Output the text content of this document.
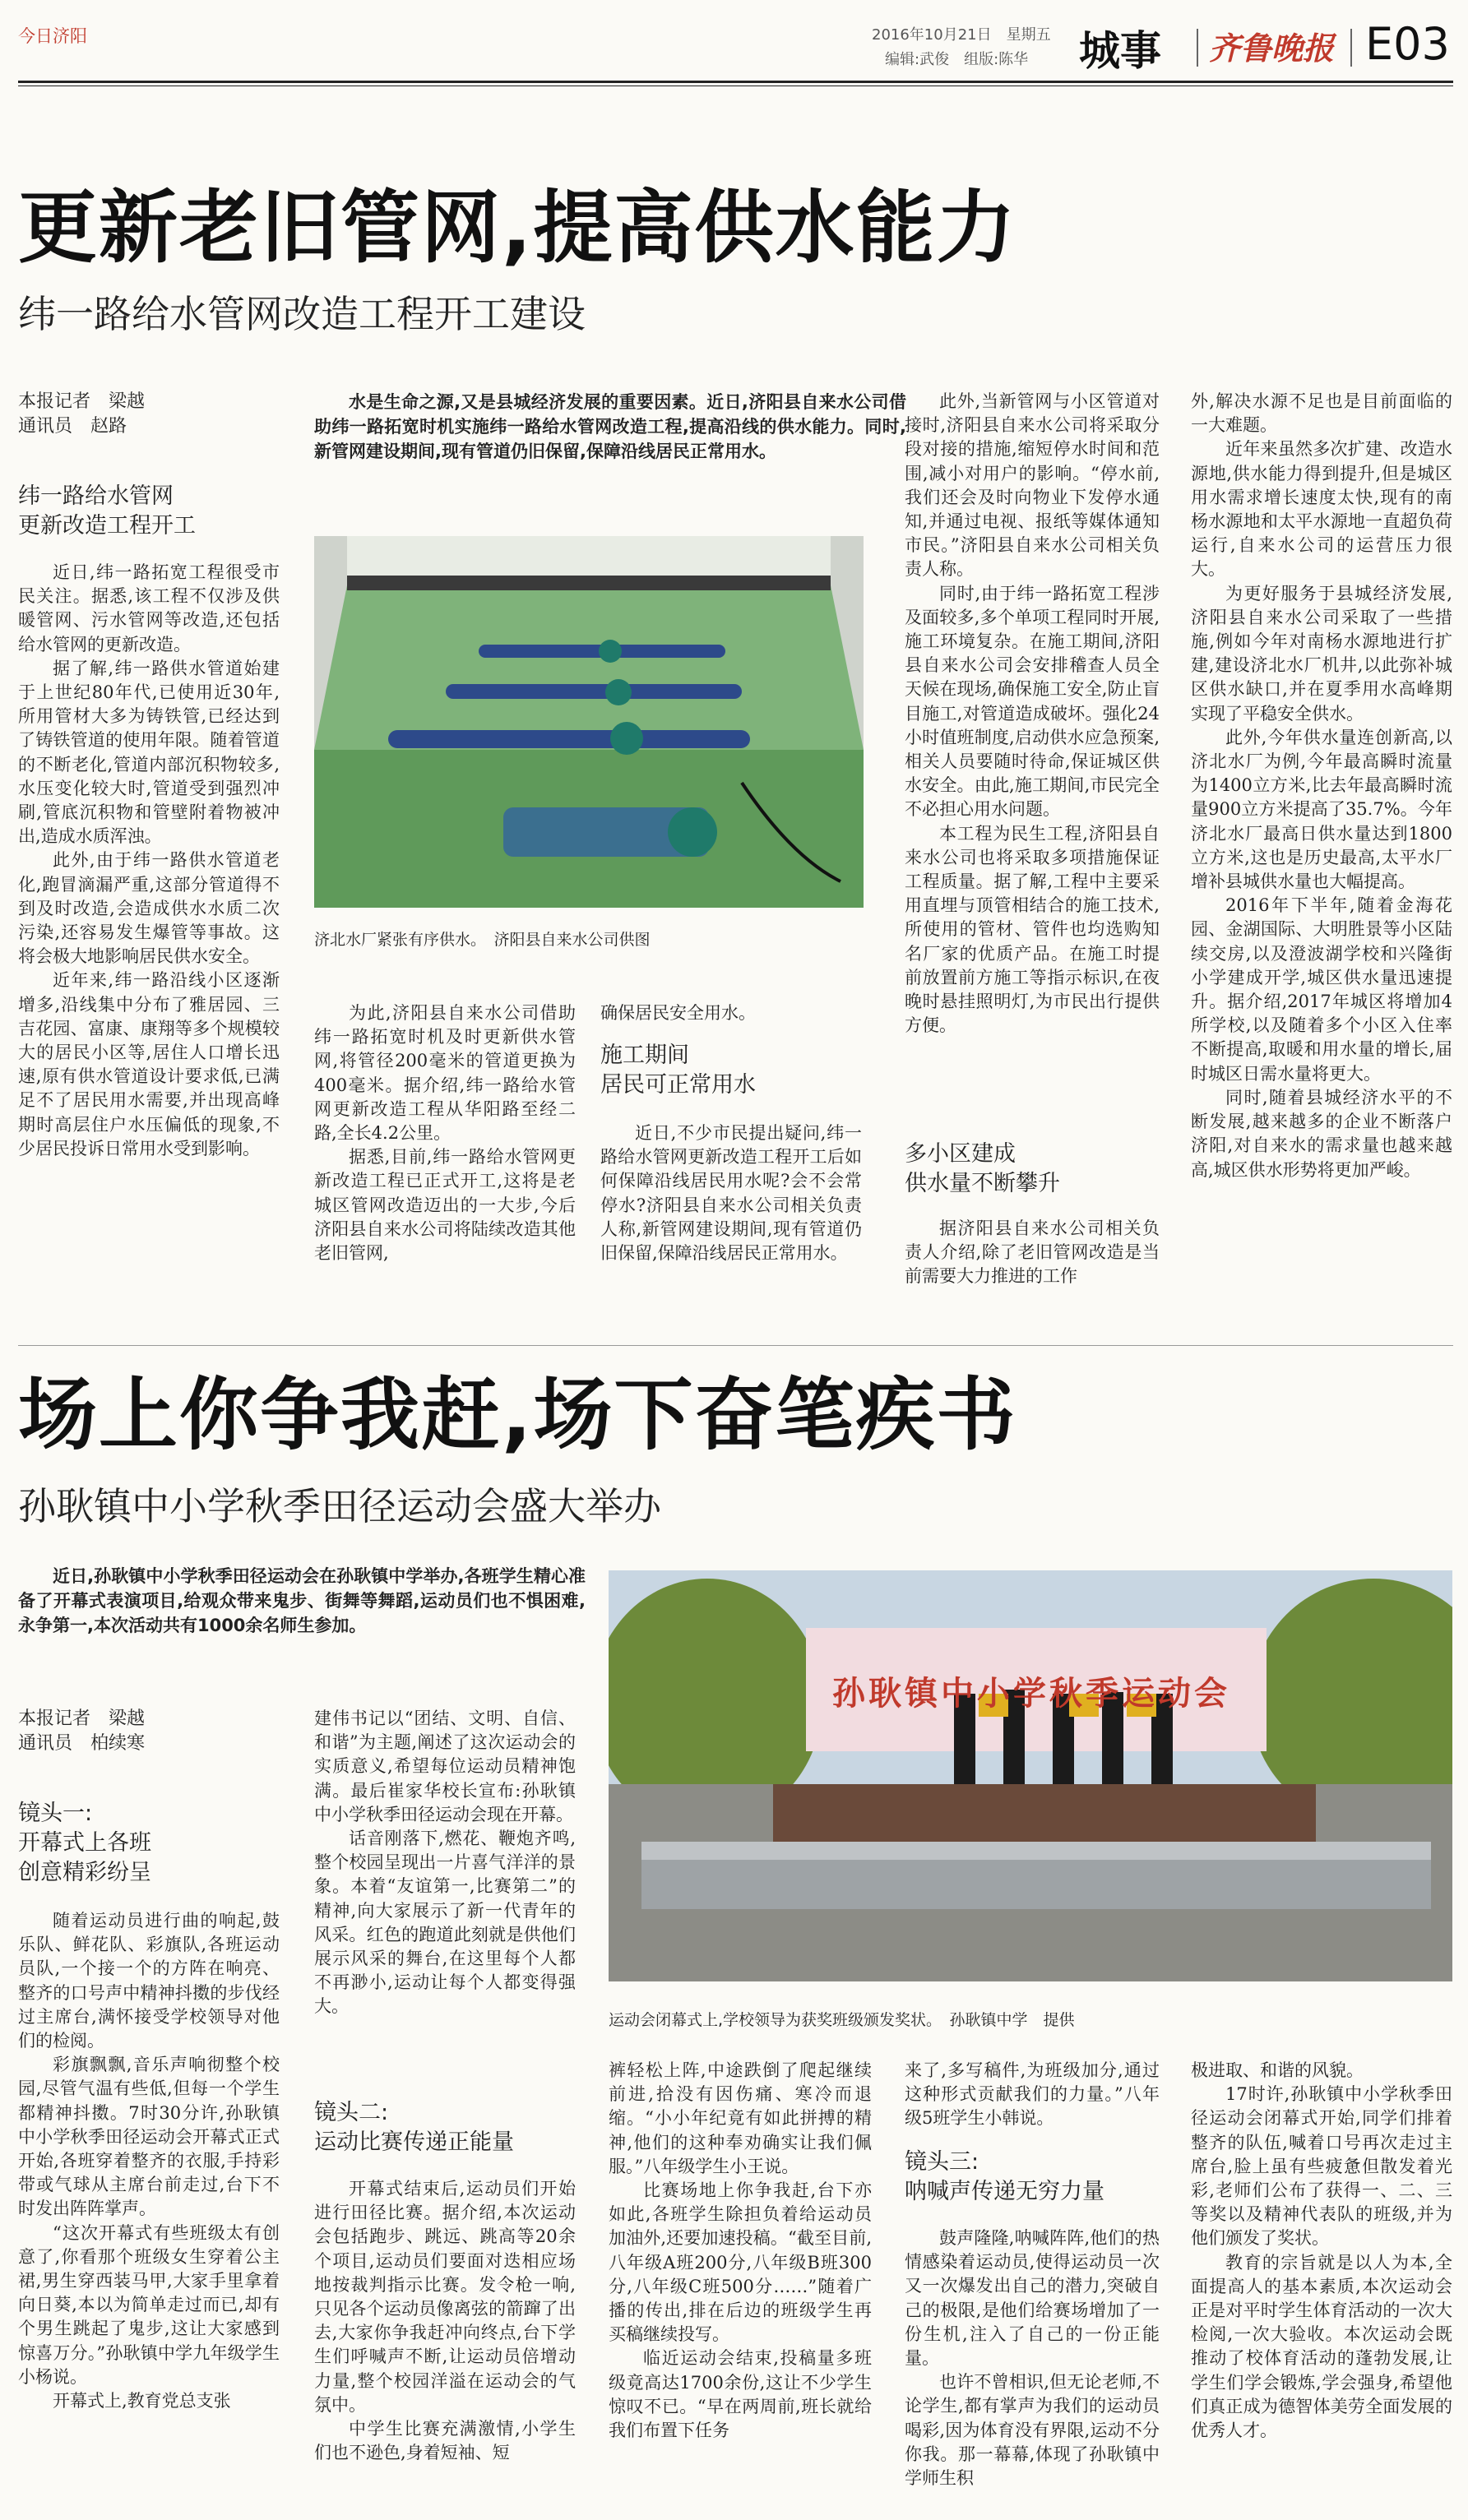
今日济阳	2016年10月21日　星期五
编辑:武俊　组版:陈华 城事 齐鲁晚报 E03
更新老旧管网,提高供水能力
纬一路给水管网改造工程开工建设
本报记者　梁越
通讯员　赵路
纬一路给水管网
更新改造工程开工

近日,纬一路拓宽工程很受市民关注。据悉,该工程不仅涉及供暖管网、污水管网等改造,还包括给水管网的更新改造。

据了解,纬一路供水管道始建于上世纪80年代,已使用近30年,所用管材大多为铸铁管,已经达到了铸铁管道的使用年限。随着管道的不断老化,管道内部沉积物较多,水压变化较大时,管道受到强烈冲刷,管底沉积物和管壁附着物被冲出,造成水质浑浊。

此外,由于纬一路供水管道老化,跑冒滴漏严重,这部分管道得不到及时改造,会造成供水水质二次污染,还容易发生爆管等事故。这将会极大地影响居民供水安全。

近年来,纬一路沿线小区逐渐增多,沿线集中分布了雅居园、三吉花园、富康、康翔等多个规模较大的居民小区等,居住人口增长迅速,原有供水管道设计要求低,已满足不了居民用水需要,并出现高峰期时高层住户水压偏低的现象,不少居民投诉日常用水受到影响。

水是生命之源,又是县城经济发展的重要因素。近日,济阳县自来水公司借助纬一路拓宽时机实施纬一路给水管网改造工程,提高沿线的供水能力。同时,新管网建设期间,现有管道仍旧保留,保障沿线居民正常用水。
济北水厂紧张有序供水。　济阳县自来水公司供图

为此,济阳县自来水公司借助纬一路拓宽时机及时更新供水管网,将管径200毫米的管道更换为400毫米。据介绍,纬一路给水管网更新改造工程从华阳路至经二路,全长4.2公里。

据悉,目前,纬一路给水管网更新改造工程已正式开工,这将是老城区管网改造迈出的一大步,今后济阳县自来水公司将陆续改造其他老旧管网,

确保居民安全用水。

施工期间
居民可正常用水

近日,不少市民提出疑问,纬一路给水管网更新改造工程开工后如何保障沿线居民用水呢?会不会常停水?济阳县自来水公司相关负责人称,新管网建设期间,现有管道仍旧保留,保障沿线居民正常用水。

此外,当新管网与小区管道对接时,济阳县自来水公司将采取分段对接的措施,缩短停水时间和范围,减小对用户的影响。“停水前,我们还会及时向物业下发停水通知,并通过电视、报纸等媒体通知市民。”济阳县自来水公司相关负责人称。

同时,由于纬一路拓宽工程涉及面较多,多个单项工程同时开展,施工环境复杂。在施工期间,济阳县自来水公司会安排稽查人员全天候在现场,确保施工安全,防止盲目施工,对管道造成破坏。强化24小时值班制度,启动供水应急预案,相关人员要随时待命,保证城区供水安全。由此,施工期间,市民完全不必担心用水问题。

本工程为民生工程,济阳县自来水公司也将采取多项措施保证工程质量。据了解,工程中主要采用直埋与顶管相结合的施工技术,所使用的管材、管件也均选购知名厂家的优质产品。在施工时提前放置前方施工等指示标识,在夜晚时悬挂照明灯,为市民出行提供方便。

多小区建成
供水量不断攀升

据济阳县自来水公司相关负责人介绍,除了老旧管网改造是当前需要大力推进的工作

外,解决水源不足也是目前面临的一大难题。

近年来虽然多次扩建、改造水源地,供水能力得到提升,但是城区用水需求增长速度太快,现有的南杨水源地和太平水源地一直超负荷运行,自来水公司的运营压力很大。

为更好服务于县城经济发展,济阳县自来水公司采取了一些措施,例如今年对南杨水源地进行扩建,建设济北水厂机井,以此弥补城区供水缺口,并在夏季用水高峰期实现了平稳安全供水。

此外,今年供水量连创新高,以济北水厂为例,今年最高瞬时流量为1400立方米,比去年最高瞬时流量900立方米提高了35.7%。今年济北水厂最高日供水量达到1800立方米,这也是历史最高,太平水厂增补县城供水量也大幅提高。

2016年下半年,随着金海花园、金湖国际、大明胜景等小区陆续交房,以及澄波湖学校和兴隆街小学建成开学,城区供水量迅速提升。据介绍,2017年城区将增加4所学校,以及随着多个小区入住率不断提高,取暖和用水量的增长,届时城区日需水量将更大。

同时,随着县城经济水平的不断发展,越来越多的企业不断落户济阳,对自来水的需求量也越来越高,城区供水形势将更加严峻。

场上你争我赶,场下奋笔疾书
孙耿镇中小学秋季田径运动会盛大举办
近日,孙耿镇中小学秋季田径运动会在孙耿镇中学举办,各班学生精心准备了开幕式表演项目,给观众带来鬼步、街舞等舞蹈,运动员们也不惧困难,永争第一,本次活动共有1000余名师生参加。
本报记者　梁越
通讯员　柏续寒
镜头一:
开幕式上各班
创意精彩纷呈

随着运动员进行曲的响起,鼓乐队、鲜花队、彩旗队,各班运动员队,一个接一个的方阵在响亮、整齐的口号声中精神抖擞的步伐经过主席台,满怀接受学校领导对他们的检阅。

彩旗飘飘,音乐声响彻整个校园,尽管气温有些低,但每一个学生都精神抖擞。7时30分许,孙耿镇中小学秋季田径运动会开幕式正式开始,各班穿着整齐的衣服,手持彩带或气球从主席台前走过,台下不时发出阵阵掌声。

“这次开幕式有些班级太有创意了,你看那个班级女生穿着公主裙,男生穿西装马甲,大家手里拿着向日葵,本以为简单走过而已,却有个男生跳起了鬼步,这让大家感到惊喜万分。”孙耿镇中学九年级学生小杨说。

开幕式上,教育党总支张

建伟书记以“团结、文明、自信、和谐”为主题,阐述了这次运动会的实质意义,希望每位运动员精神饱满。最后崔家华校长宣布:孙耿镇中小学秋季田径运动会现在开幕。

话音刚落下,燃花、鞭炮齐鸣,整个校园呈现出一片喜气洋洋的景象。本着“友谊第一,比赛第二”的精神,向大家展示了新一代青年的风采。红色的跑道此刻就是供他们展示风采的舞台,在这里每个人都不再渺小,运动让每个人都变得强大。

镜头二:
运动比赛传递正能量

开幕式结束后,运动员们开始进行田径比赛。据介绍,本次运动会包括跑步、跳远、跳高等20余个项目,运动员们要面对迭相应场地按裁判指示比赛。发令枪一响,只见各个运动员像离弦的箭蹿了出去,大家你争我赶冲向终点,台下学生们呼喊声不断,让运动员倍增动力量,整个校园洋溢在运动会的气氛中。

中学生比赛充满激情,小学生们也不逊色,身着短袖、短

孙耿镇中小学秋季运动会
运动会闭幕式上,学校领导为获奖班级颁发奖状。　孙耿镇中学　提供

裤轻松上阵,中途跌倒了爬起继续前进,拾没有因伤痛、寒冷而退缩。“小小年纪竟有如此拼搏的精神,他们的这种奉劝确实让我们佩服。”八年级学生小王说。

比赛场地上你争我赶,台下亦如此,各班学生除担负着给运动员加油外,还要加速投稿。“截至目前,八年级A班200分,八年级B班300分,八年级C班500分……”随着广播的传出,排在后边的班级学生再买稿继续投写。

临近运动会结束,投稿量多班级竟高达1700余份,这让不少学生惊叹不已。“早在两周前,班长就给我们布置下任务

来了,多写稿件,为班级加分,通过这种形式贡献我们的力量。”八年级5班学生小韩说。

镜头三:
呐喊声传递无穷力量

鼓声隆隆,呐喊阵阵,他们的热情感染着运动员,使得运动员一次又一次爆发出自己的潜力,突破自己的极限,是他们给赛场增加了一份生机,注入了自己的一份正能量。

也许不曾相识,但无论老师,不论学生,都有掌声为我们的运动员喝彩,因为体育没有界限,运动不分你我。那一幕幕,体现了孙耿镇中学师生积

极进取、和谐的风貌。

17时许,孙耿镇中小学秋季田径运动会闭幕式开始,同学们排着整齐的队伍,喊着口号再次走过主席台,脸上虽有些疲惫但散发着光彩,老师们公布了获得一、二、三等奖以及精神代表队的班级,并为他们颁发了奖状。

教育的宗旨就是以人为本,全面提高人的基本素质,本次运动会正是对平时学生体育活动的一次大检阅,一次大验收。本次运动会既推动了校体育活动的蓬勃发展,让学生们学会锻炼,学会强身,希望他们真正成为德智体美劳全面发展的优秀人才。
